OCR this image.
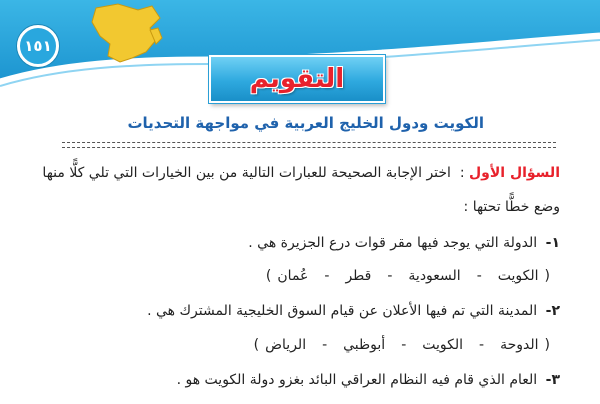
١٥١
التقويم
الكويت ودول الخليج العربية في مواجهة التحديات
السؤال الأول :  اختر الإجابة الصحيحة للعبارات التالية من بين الخيارات التي تلي كلًّا منها
وضع خطًّا تحتها :
١- الدولة التي يوجد فيها مقر قوات درع الجزيرة هي .
(
الكويت
-
السعودية
-
قطر
-
عُمان
)
٢- المدينة التي تم فيها الأعلان عن قيام السوق الخليجية المشترك هي .
(
الدوحة
-
الكويت
-
أبوظبي
-
الرياض
)
٣- العام الذي قام فيه النظام العراقي البائد بغزو دولة الكويت هو .
